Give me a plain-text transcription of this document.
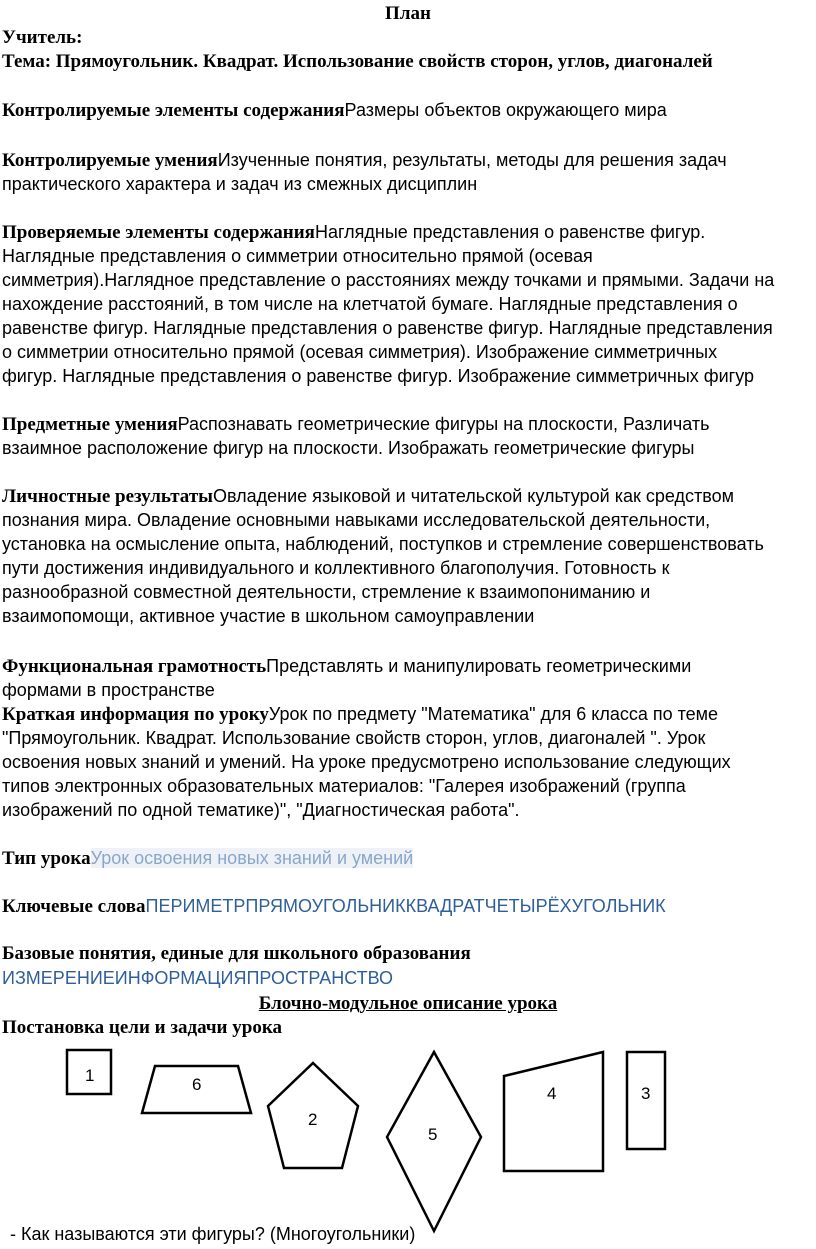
План

Учитель:

Тема: Прямоугольник. Квадрат. Использование свойств сторон, углов, диагоналей

Контролируемые элементы содержанияРазмеры объектов окружающего мира

Контролируемые уменияИзученные понятия, результаты, методы для решения задач

практического характера и задач из смежных дисциплин

Проверяемые элементы содержанияНаглядные представления о равенстве фигур.

Наглядные представления о симметрии относительно прямой (осевая

симметрия).Наглядное представление о расстояниях между точками и прямыми. Задачи на

нахождение расстояний, в том числе на клетчатой бумаге. Наглядные представления о

равенстве фигур. Наглядные представления о равенстве фигур. Наглядные представления

о симметрии относительно прямой (осевая симметрия). Изображение симметричных

фигур. Наглядные представления о равенстве фигур. Изображение симметричных фигур

Предметные уменияРаспознавать геометрические фигуры на плоскости, Различать

взаимное расположение фигур на плоскости. Изображать геометрические фигуры

Личностные результатыОвладение языковой и читательской культурой как средством

познания мира. Овладение основными навыками исследовательской деятельности,

установка на осмысление опыта, наблюдений, поступков и стремление совершенствовать

пути достижения индивидуального и коллективного благополучия. Готовность к

разнообразной совместной деятельности, стремление к взаимопониманию и

взаимопомощи, активное участие в школьном самоуправлении

Функциональная грамотностьПредставлять и манипулировать геометрическими

формами в пространстве

Краткая информация по урокуУрок по предмету "Математика" для 6 класса по теме

"Прямоугольник. Квадрат. Использование свойств сторон, углов, диагоналей ". Урок

освоения новых знаний и умений. На уроке предусмотрено использование следующих

типов электронных образовательных материалов: "Галерея изображений (группа

изображений по одной тематике)", "Диагностическая работа".

Тип урокаУрок освоения новых знаний и умений

Ключевые словаПЕРИМЕТРПРЯМОУГОЛЬНИККВАДРАТЧЕТЫРЁХУГОЛЬНИК

Базовые понятия, единые для школьного образования

ИЗМЕРЕНИЕИНФОРМАЦИЯПРОСТРАНСТВО

Блочно-модульное описание урока

Постановка цели и задачи урока

1	6
2
5
4	3

- Как называются эти фигуры? (Многоугольники)
